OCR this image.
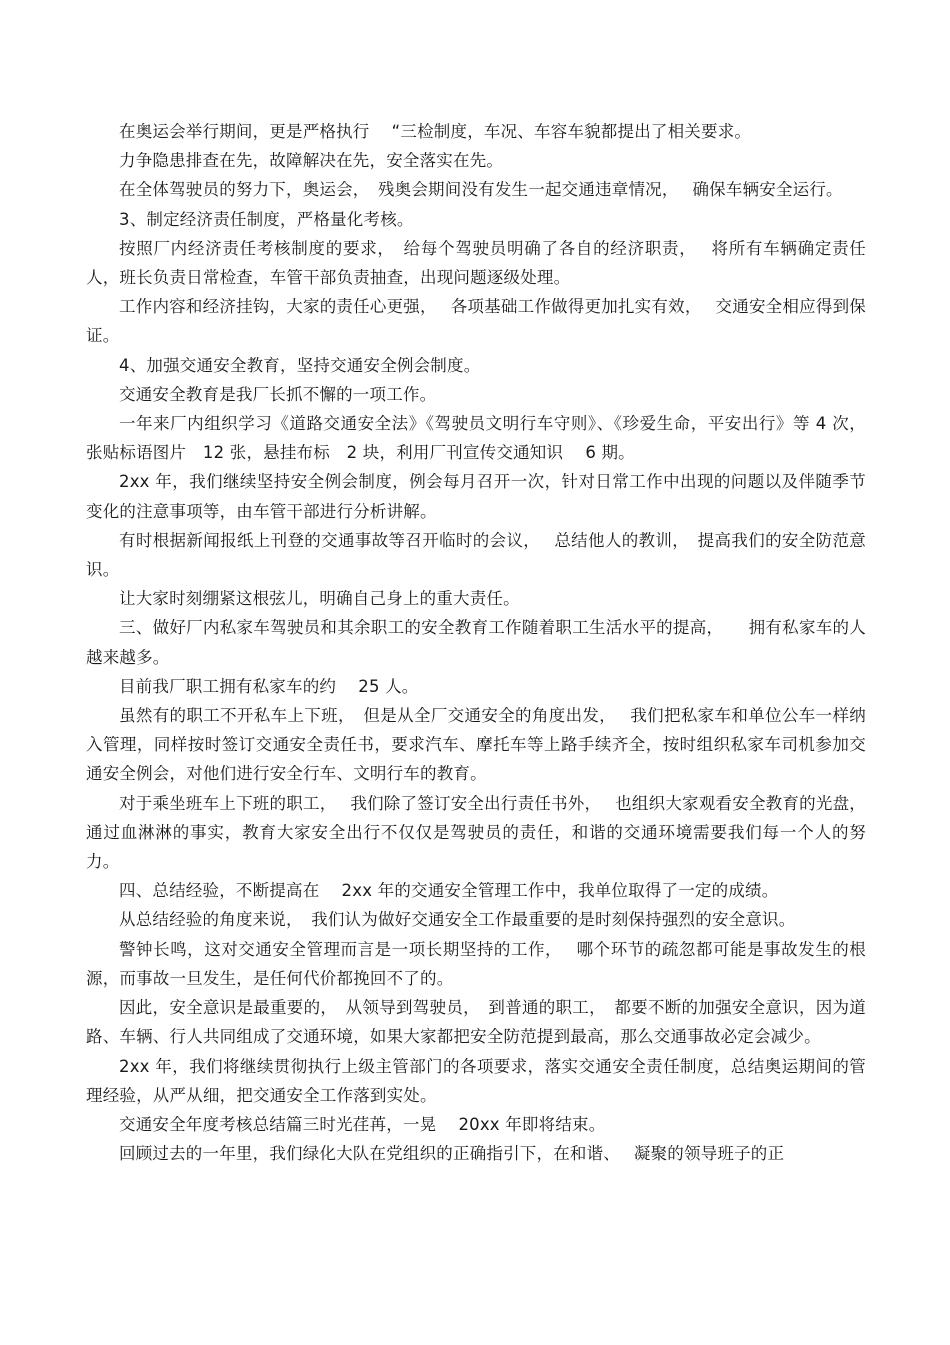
在奥运会举行期间，更是严格执行　 “三检制度，车况、车容车貌都提出了相关要求。

力争隐患排查在先，故障解决在先，安全落实在先。

在全体驾驶员的努力下，奥运会，　残奥会期间没有发生一起交通违章情况，　 确保车辆安全运行。

3、制定经济责任制度，严格量化考核。

按照厂内经济责任考核制度的要求，　给每个驾驶员明确了各自的经济职责，　 将所有车辆确定责任人，班长负责日常检查，车管干部负责抽查，出现问题逐级处理。

工作内容和经济挂钩，大家的责任心更强，　 各项基础工作做得更加扎实有效，　 交通安全相应得到保证。

4、加强交通安全教育，坚持交通安全例会制度。

交通安全教育是我厂长抓不懈的一项工作。

一年来厂内组织学习《道路交通安全法》《驾驶员文明行车守则》、《珍爱生命，平安出行》等 4 次，张贴标语图片　12 张，悬挂布标　2 块，利用厂刊宣传交通知识　 6 期。

2xx 年，我们继续坚持安全例会制度，例会每月召开一次，针对日常工作中出现的问题以及伴随季节变化的注意事项等，由车管干部进行分析讲解。

有时根据新闻报纸上刊登的交通事故等召开临时的会议，　 总结他人的教训，　提高我们的安全防范意识。

让大家时刻绷紧这根弦儿，明确自己身上的重大责任。

三、做好厂内私家车驾驶员和其余职工的安全教育工作随着职工生活水平的提高，　　拥有私家车的人越来越多。

目前我厂职工拥有私家车的约　 25 人。

虽然有的职工不开私车上下班，　但是从全厂交通安全的角度出发，　 我们把私家车和单位公车一样纳入管理，同样按时签订交通安全责任书，要求汽车、摩托车等上路手续齐全，按时组织私家车司机参加交通安全例会，对他们进行安全行车、文明行车的教育。

对于乘坐班车上下班的职工，　 我们除了签订安全出行责任书外，　 也组织大家观看安全教育的光盘，通过血淋淋的事实，教育大家安全出行不仅仅是驾驶员的责任，和谐的交通环境需要我们每一个人的努力。

四、总结经验，不断提高在　 2xx 年的交通安全管理工作中，我单位取得了一定的成绩。

从总结经验的角度来说，　我们认为做好交通安全工作最重要的是时刻保持强烈的安全意识。

警钟长鸣，这对交通安全管理而言是一项长期坚持的工作，　 哪个环节的疏忽都可能是事故发生的根源，而事故一旦发生，是任何代价都挽回不了的。

因此，安全意识是最重要的，　从领导到驾驶员，　到普通的职工，　都要不断的加强安全意识，因为道路、车辆、行人共同组成了交通环境，如果大家都把安全防范提到最高，那么交通事故必定会减少。

2xx 年，我们将继续贯彻执行上级主管部门的各项要求，落实交通安全责任制度，总结奥运期间的管理经验，从严从细，把交通安全工作落到实处。

交通安全年度考核总结篇三时光荏苒，一晃　 20xx 年即将结束。

回顾过去的一年里，我们绿化大队在党组织的正确指引下，在和谐、　 凝聚的领导班子的正
